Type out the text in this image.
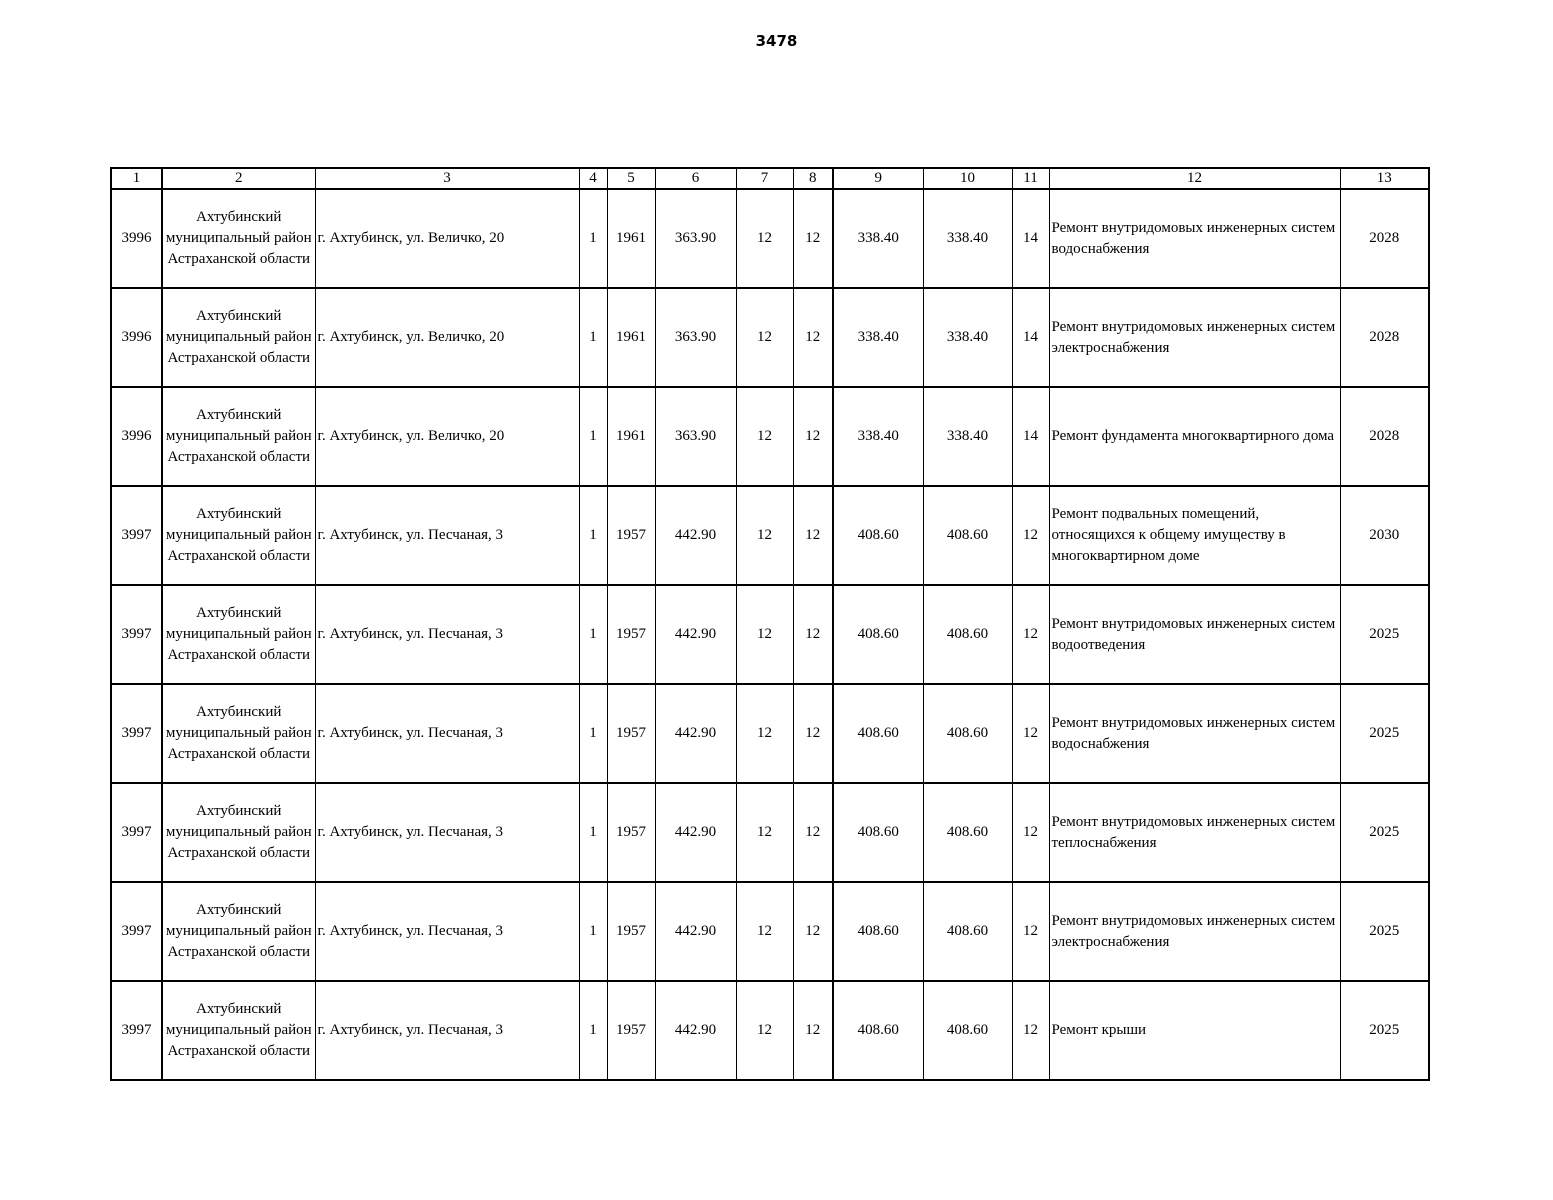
3478
1	2	3	4	5	6	7	8	9	10	11	12	13
3996	Ахтубинский муниципальный район Астраханской области	г. Ахтубинск, ул. Величко, 20	1	1961	363.90	12	12	338.40	338.40	14	Ремонт внутридомовых инженерных систем водоснабжения	2028
3996	Ахтубинский муниципальный район Астраханской области	г. Ахтубинск, ул. Величко, 20	1	1961	363.90	12	12	338.40	338.40	14	Ремонт внутридомовых инженерных систем электроснабжения	2028
3996	Ахтубинский муниципальный район Астраханской области	г. Ахтубинск, ул. Величко, 20	1	1961	363.90	12	12	338.40	338.40	14	Ремонт фундамента многоквартирного дома	2028
3997	Ахтубинский муниципальный район Астраханской области	г. Ахтубинск, ул. Песчаная, 3	1	1957	442.90	12	12	408.60	408.60	12	Ремонт подвальных помещений, относящихся к общему имуществу в многоквартирном доме	2030
3997	Ахтубинский муниципальный район Астраханской области	г. Ахтубинск, ул. Песчаная, 3	1	1957	442.90	12	12	408.60	408.60	12	Ремонт внутридомовых инженерных систем водоотведения	2025
3997	Ахтубинский муниципальный район Астраханской области	г. Ахтубинск, ул. Песчаная, 3	1	1957	442.90	12	12	408.60	408.60	12	Ремонт внутридомовых инженерных систем водоснабжения	2025
3997	Ахтубинский муниципальный район Астраханской области	г. Ахтубинск, ул. Песчаная, 3	1	1957	442.90	12	12	408.60	408.60	12	Ремонт внутридомовых инженерных систем теплоснабжения	2025
3997	Ахтубинский муниципальный район Астраханской области	г. Ахтубинск, ул. Песчаная, 3	1	1957	442.90	12	12	408.60	408.60	12	Ремонт внутридомовых инженерных систем электроснабжения	2025
3997	Ахтубинский муниципальный район Астраханской области	г. Ахтубинск, ул. Песчаная, 3	1	1957	442.90	12	12	408.60	408.60	12	Ремонт крыши	2025
